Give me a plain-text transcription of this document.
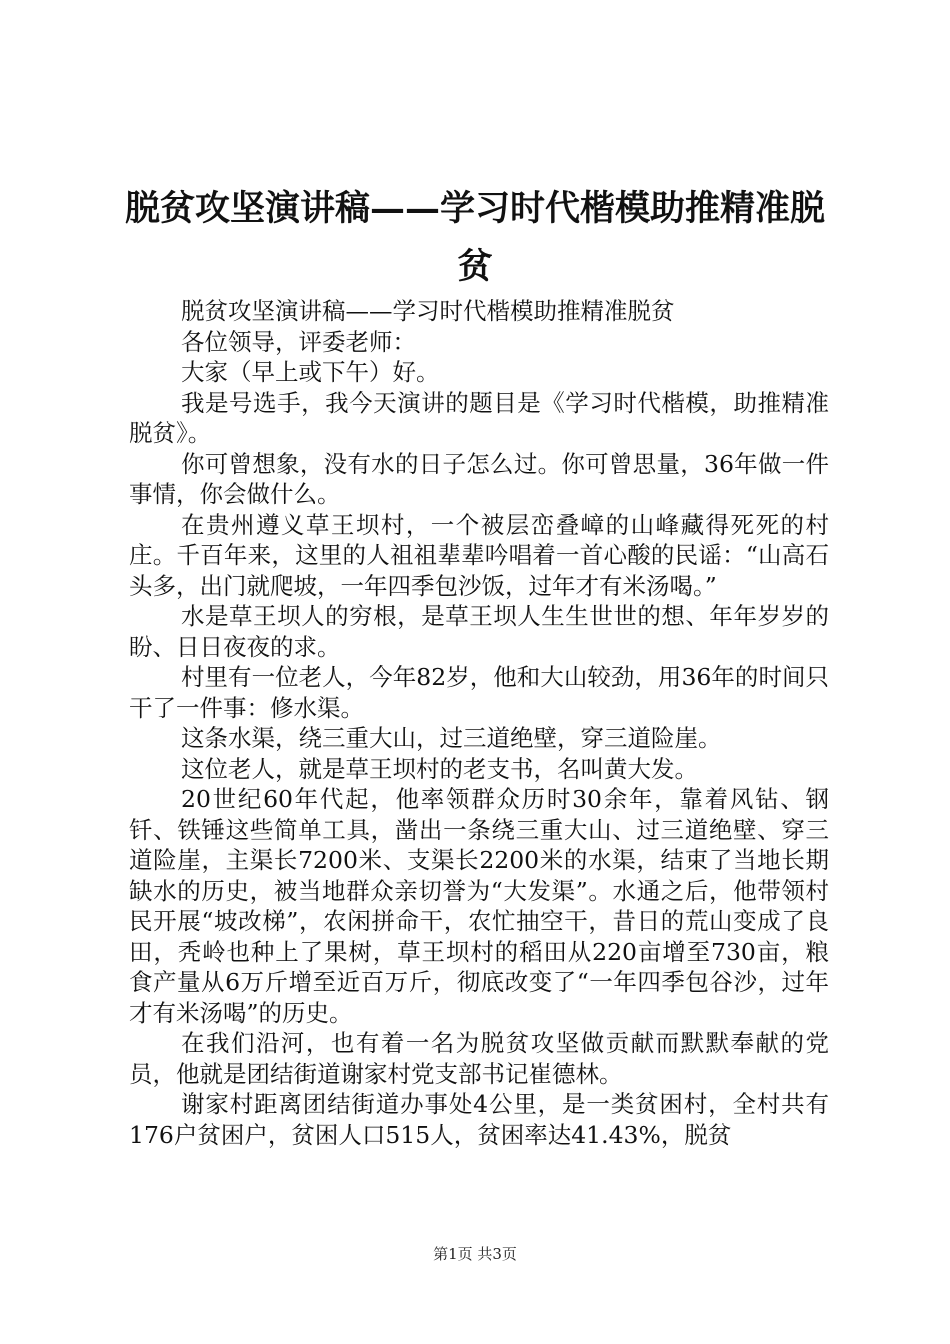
脱贫攻坚演讲稿——学习时代楷模助推精准脱贫

脱贫攻坚演讲稿——学习时代楷模助推精准脱贫

各位领导，评委老师：

大家（早上或下午）好。

我是号选手，我今天演讲的题目是《学习时代楷模，助推精准脱贫》。

你可曾想象，没有水的日子怎么过。你可曾思量，36年做一件事情，你会做什么。

在贵州遵义草王坝村，一个被层峦叠嶂的山峰藏得死死的村庄。千百年来，这里的人祖祖辈辈吟唱着一首心酸的民谣：“山高石头多，出门就爬坡，一年四季包沙饭，过年才有米汤喝。”

水是草王坝人的穷根，是草王坝人生生世世的想、年年岁岁的盼、日日夜夜的求。

村里有一位老人，今年82岁，他和大山较劲，用36年的时间只干了一件事：修水渠。

这条水渠，绕三重大山，过三道绝壁，穿三道险崖。

这位老人，就是草王坝村的老支书，名叫黄大发。

20世纪60年代起，他率领群众历时30余年，靠着风钻、钢钎、铁锤这些简单工具，凿出一条绕三重大山、过三道绝壁、穿三道险崖，主渠长7200米、支渠长2200米的水渠，结束了当地长期缺水的历史，被当地群众亲切誉为“大发渠”。水通之后，他带领村民开展“坡改梯”，农闲拼命干，农忙抽空干，昔日的荒山变成了良田，秃岭也种上了果树，草王坝村的稻田从220亩增至730亩，粮食产量从6万斤增至近百万斤，彻底改变了“一年四季包谷沙，过年才有米汤喝”的历史。

在我们沿河，也有着一名为脱贫攻坚做贡献而默默奉献的党员，他就是团结街道谢家村党支部书记崔德林。

谢家村距离团结街道办事处4公里，是一类贫困村，全村共有176户贫困户，贫困人口515人，贫困率达41.43%，脱贫

第1页 共3页
